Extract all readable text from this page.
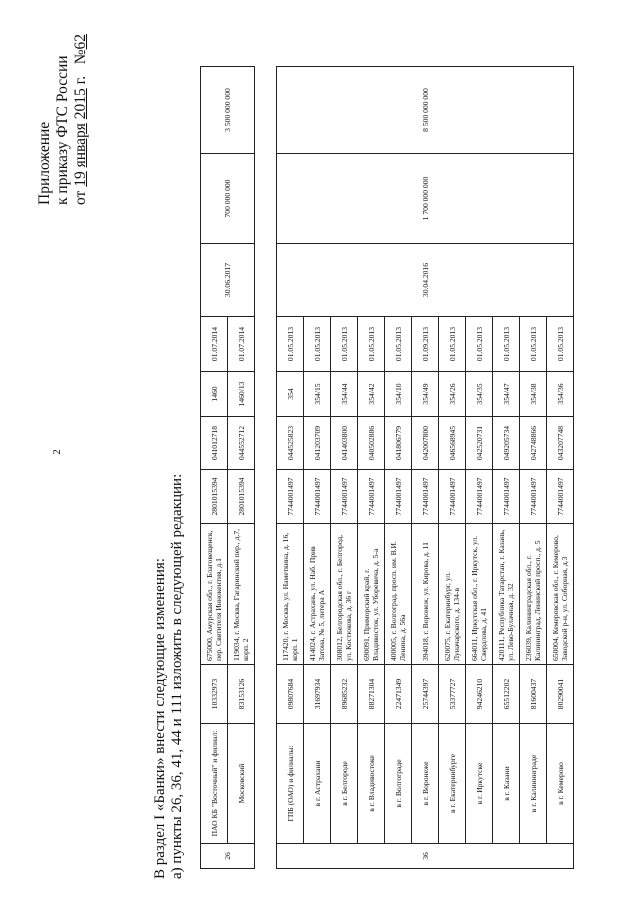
2
Приложение к приказу ФТС России от 19 января 2015 г.   №62
В раздел I «Банки» внести следующие изменения: а) пункты 26, 36, 41, 44 и 111 изложить в следующей редакции:	26	ПАО КБ "Восточный" и филиал:	10332973	675000, Амурская обл., г. Благовещенск, пер. Святителя Иннокентия, д.1	2801015394	041012718	1460	01.07.2014	30.06.2017	700 000 000	3 500 000 000
	Московский	83153126	119034, г. Москва, Гагаринский пер., д.7, корп. 2	2801015394	044552712	1460/13	01.07.2014			
36	ГПБ (ОАО) и филиалы:	09807684	117420, г. Москва, ул. Наметкина, д. 16, корп. 1	7744001497	044525823	354	01.05.2013	30.04.2016	1 700 000 000	8 500 000 000
	в г. Астрахани	31697934	414024, г. Астрахань, ул. Наб. Прив Затона, № 5, литера А	7744001497	041203709	354/15	01.05.2013			
	в г. Белгороде	89685232	308012, Белгородская обл., г. Белгород, ул. Костюкова, д. 36 г	7744001497	041403800	354/44	01.05.2013			
	в г. Владивостоке	88271304	690091, Приморский край, г. Владивосток, ул. Уборевича, д. 5-а	7744001497	040502886	354/42	01.05.2013			
	в г. Волгограде	22471349	400005, г. Волгоград, просп. им. В.И. Ленина, д. 56а	7744001497	041806779	354/10	01.05.2013			
	в г. Воронеже	25744397	394018, г. Воронеж, ул. Кирова, д. 11	7744001497	042007800	354/49	01.09.2013			
	в г. Екатеринбурге	53377727	620075, г. Екатеринбург, ул. Луначарского, д. 134-в	7744001497	046568945	354/26	01.05.2013			
	в г. Иркутске	94246210	664011, Иркутская обл., г. Иркутск, ул. Свердлова, д. 41	7744001497	042520731	354/35	01.05.2013			
	в г. Казани	65512202	420111, Республика Татарстан, г. Казань, ул. Лево-Булачная, д. 32	7744001497	049205734	354/47	01.05.2013			
	в г. Калининграде	81600437	236039, Калининградская обл., г. Калининград, Ленинский просп., д. 5	7744001497	042748866	354/38	01.05.2013			
	в г. Кемерово	80290041	650004, Кемеровская обл., г. Кемерово, Заводской р-н, ул. Соборная, д.3	7744001497	043207748	354/36	01.05.2013			
